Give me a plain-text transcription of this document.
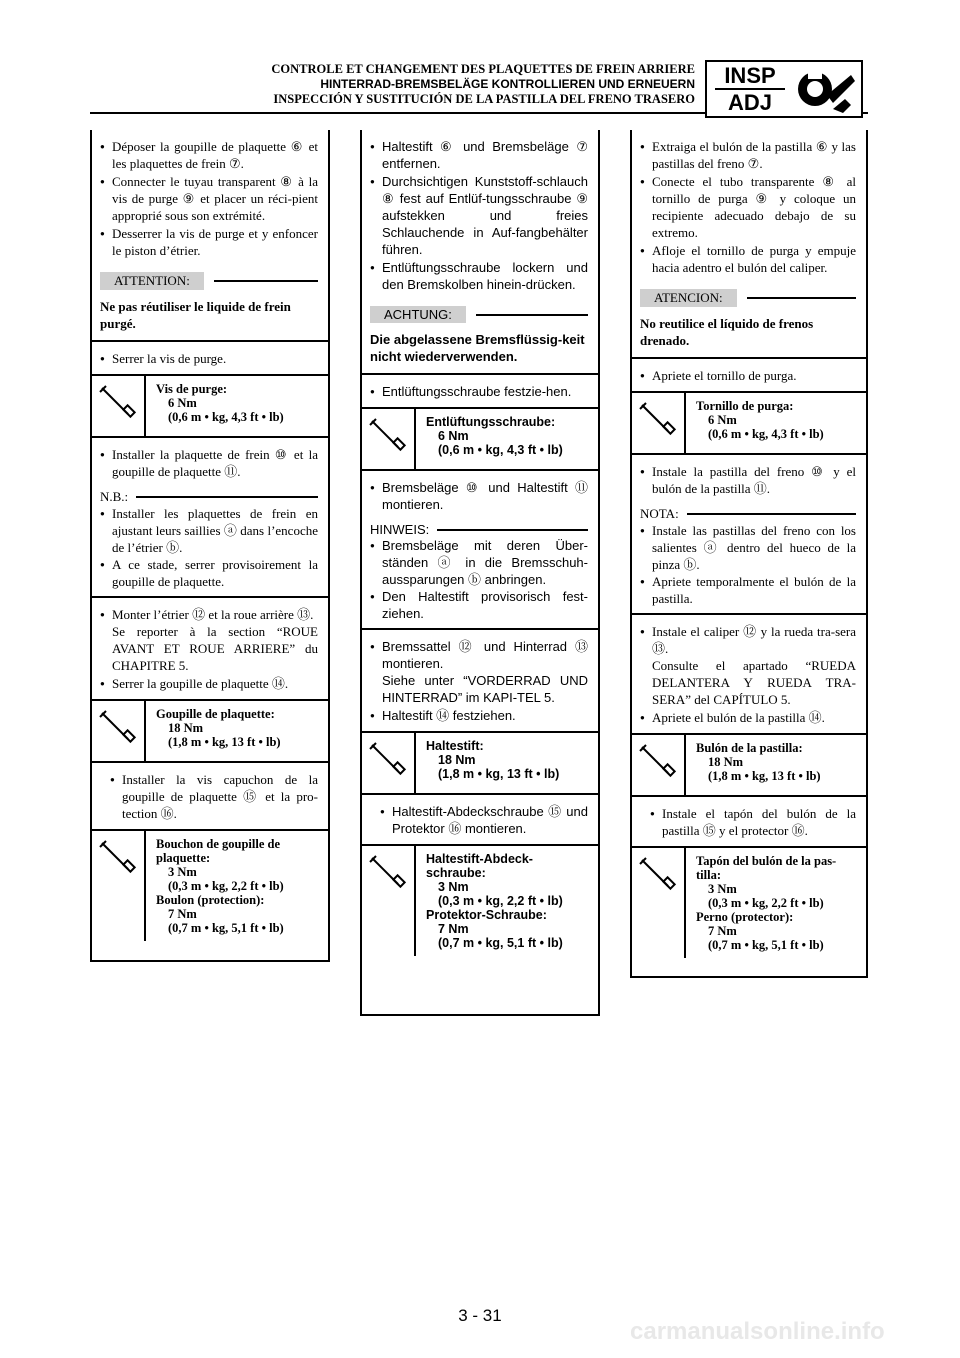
CONTROLE ET CHANGEMENT DES PLAQUETTES DE FREIN ARRIERE
HINTERRAD-BREMSBELÄGE KONTROLLIEREN UND ERNEUERN
INSPECCIÓN Y SUSTITUCIÓN DE LA PASTILLA DEL FRENO TRASERO
INSP
ADJ
● Déposer la goupille de plaquette ⑥ et les plaquettes de frein ⑦.
● Connecter le tuyau transparent ⑧ à la vis de purge ⑨ et placer un réci-pient approprié sous son extrémité.
● Desserrer la vis de purge et y enfoncer le piston d’étrier.
ATTENTION:
Ne pas réutiliser le liquide de frein purgé.
● Serrer la vis de purge.
Vis de purge:
6 Nm
(0,6 m • kg, 4,3 ft • lb)
● Installer la plaquette de frein ⑩ et la goupille de plaquette ⑪.
N.B.:
● Installer les plaquettes de frein en ajustant leurs saillies ⓐ dans l’encoche de l’étrier ⓑ.
● A ce stade, serrer provisoirement la goupille de plaquette.
● Monter l’étrier ⑫ et la roue arrière ⑬.
Se reporter à la section “ROUE AVANT ET ROUE ARRIERE” du CHAPITRE 5.
● Serrer la goupille de plaquette ⑭.
Goupille de plaquette:
18 Nm
(1,8 m • kg, 13 ft • lb)
● Installer la vis capuchon de la goupille de plaquette ⑮ et la pro-tection ⑯.
Bouchon de goupille de plaquette:
3 Nm
(0,3 m • kg, 2,2 ft • lb)
Boulon (protection):
7 Nm
(0,7 m • kg, 5,1 ft • lb)
● Haltestift ⑥ und Bremsbeläge ⑦ entfernen.
● Durchsichtigen Kunststoff-schlauch ⑧ fest auf Entlüf-tungsschraube ⑨ aufstekken und freies Schlauchende in Auf-fangbehälter führen.
● Entlüftungsschraube lockern und den Bremskolben hinein-drücken.
ACHTUNG:
Die abgelassene Bremsflüssig-keit nicht wiederverwenden.
● Entlüftungsschraube festzie-hen.
Entlüftungsschraube:
6 Nm
(0,6 m • kg, 4,3 ft • lb)
● Bremsbeläge ⑩ und Haltestift ⑪ montieren.
HINWEIS:
● Bremsbeläge mit deren Über-ständen ⓐ in die Bremsschuh-aussparungen ⓑ anbringen.
● Den Haltestift provisorisch fest-ziehen.
● Bremssattel ⑫ und Hinterrad ⑬ montieren.
Siehe unter “VORDERRAD UND HINTERRAD” im KAPI-TEL 5.
● Haltestift ⑭ festziehen.
Haltestift:
18 Nm
(1,8 m • kg, 13 ft • lb)
● Haltestift-Abdeckschraube ⑮ und Protektor ⑯ montieren.
Haltestift-Abdeck-schraube:
3 Nm
(0,3 m • kg, 2,2 ft • lb)
Protektor-Schraube:
7 Nm
(0,7 m • kg, 5,1 ft • lb)
● Extraiga el bulón de la pastilla ⑥ y las pastillas del freno ⑦.
● Conecte el tubo transparente ⑧ al tornillo de purga ⑨ y coloque un recipiente adecuado debajo de su extremo.
● Afloje el tornillo de purga y empuje hacia adentro el bulón del caliper.
ATENCION:
No reutilice el líquido de frenos drenado.
● Apriete el tornillo de purga.
Tornillo de purga:
6 Nm
(0,6 m • kg, 4,3 ft • lb)
● Instale la pastilla del freno ⑩ y el bulón de la pastilla ⑪.
NOTA:
● Instale las pastillas del freno con los salientes ⓐ dentro del hueco de la pinza ⓑ.
● Apriete temporalmente el bulón de la pastilla.
● Instale el caliper ⑫ y la rueda tra-sera ⑬.
Consulte el apartado “RUEDA DELANTERA Y RUEDA TRA-SERA” del CAPÍTULO 5.
● Apriete el bulón de la pastilla ⑭.
Bulón de la pastilla:
18 Nm
(1,8 m • kg, 13 ft • lb)
● Instale el tapón del bulón de la pastilla ⑮ y el protector ⑯.
Tapón del bulón de la pas-tilla:
3 Nm
(0,3 m • kg, 2,2 ft • lb)
Perno (protector):
7 Nm
(0,7 m • kg, 5,1 ft • lb)
3 - 31
carmanualsonline.info
